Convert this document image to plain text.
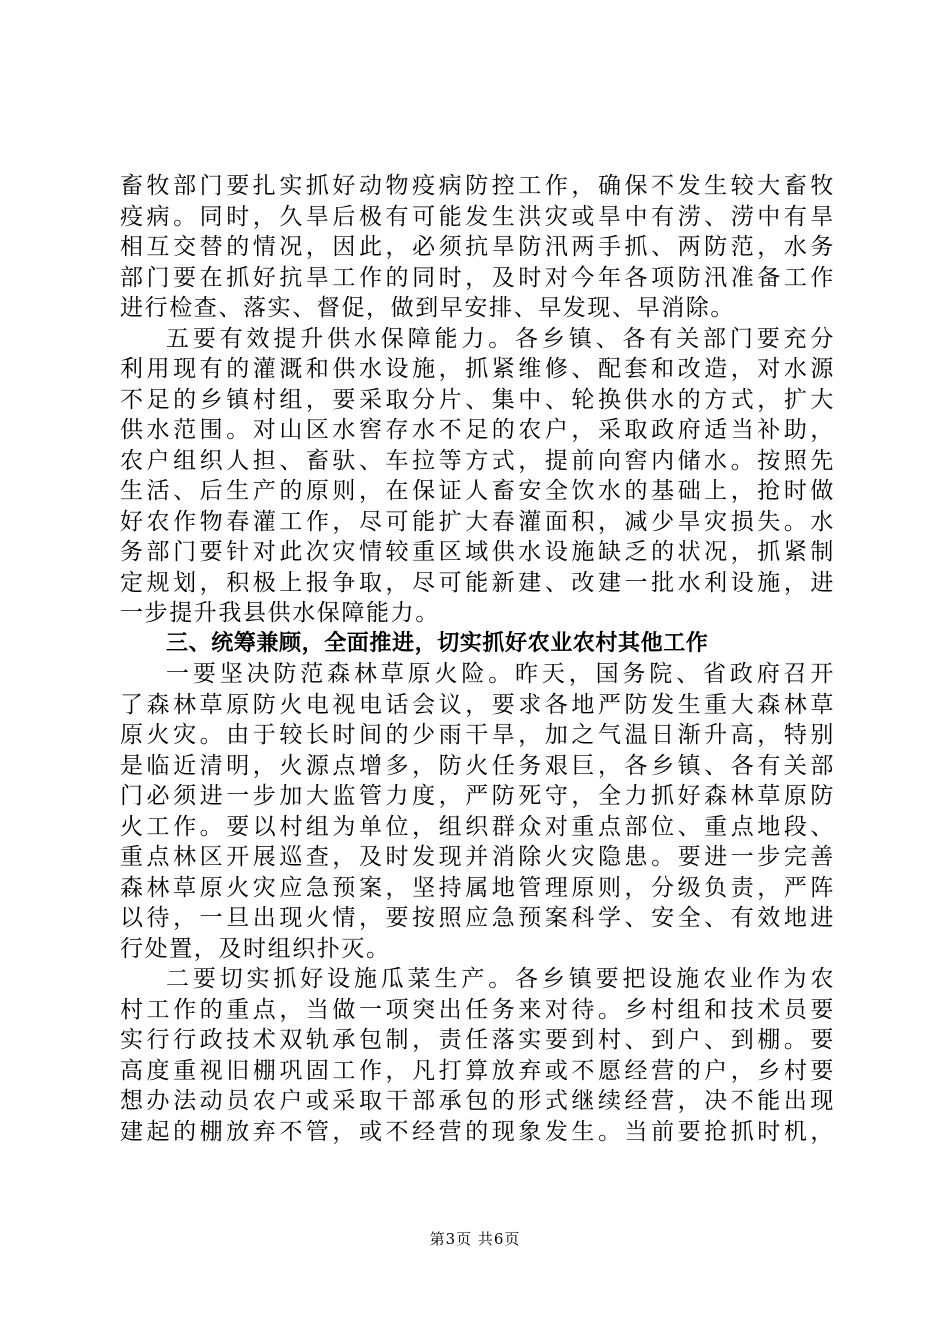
畜牧部门要扎实抓好动物疫病防控工作，确保不发生较大畜牧
疫病。同时，久旱后极有可能发生洪灾或旱中有涝、涝中有旱
相互交替的情况，因此，必须抗旱防汛两手抓、两防范，水务
部门要在抓好抗旱工作的同时，及时对今年各项防汛准备工作
进行检查、落实、督促，做到早安排、早发现、早消除。
五要有效提升供水保障能力。各乡镇、各有关部门要充分
利用现有的灌溉和供水设施，抓紧维修、配套和改造，对水源
不足的乡镇村组，要采取分片、集中、轮换供水的方式，扩大
供水范围。对山区水窖存水不足的农户，采取政府适当补助，
农户组织人担、畜驮、车拉等方式，提前向窖内储水。按照先
生活、后生产的原则，在保证人畜安全饮水的基础上，抢时做
好农作物春灌工作，尽可能扩大春灌面积，减少旱灾损失。水
务部门要针对此次灾情较重区域供水设施缺乏的状况，抓紧制
定规划，积极上报争取，尽可能新建、改建一批水利设施，进
一步提升我县供水保障能力。
三、统筹兼顾，全面推进，切实抓好农业农村其他工作
一要坚决防范森林草原火险。昨天，国务院、省政府召开
了森林草原防火电视电话会议，要求各地严防发生重大森林草
原火灾。由于较长时间的少雨干旱，加之气温日渐升高，特别
是临近清明，火源点增多，防火任务艰巨，各乡镇、各有关部
门必须进一步加大监管力度，严防死守，全力抓好森林草原防
火工作。要以村组为单位，组织群众对重点部位、重点地段、
重点林区开展巡查，及时发现并消除火灾隐患。要进一步完善
森林草原火灾应急预案，坚持属地管理原则，分级负责，严阵
以待，一旦出现火情，要按照应急预案科学、安全、有效地进
行处置，及时组织扑灭。
二要切实抓好设施瓜菜生产。各乡镇要把设施农业作为农
村工作的重点，当做一项突出任务来对待。乡村组和技术员要
实行行政技术双轨承包制，责任落实要到村、到户、到棚。要
高度重视旧棚巩固工作，凡打算放弃或不愿经营的户，乡村要
想办法动员农户或采取干部承包的形式继续经营，决不能出现
建起的棚放弃不管，或不经营的现象发生。当前要抢抓时机，
第3页 共6页
